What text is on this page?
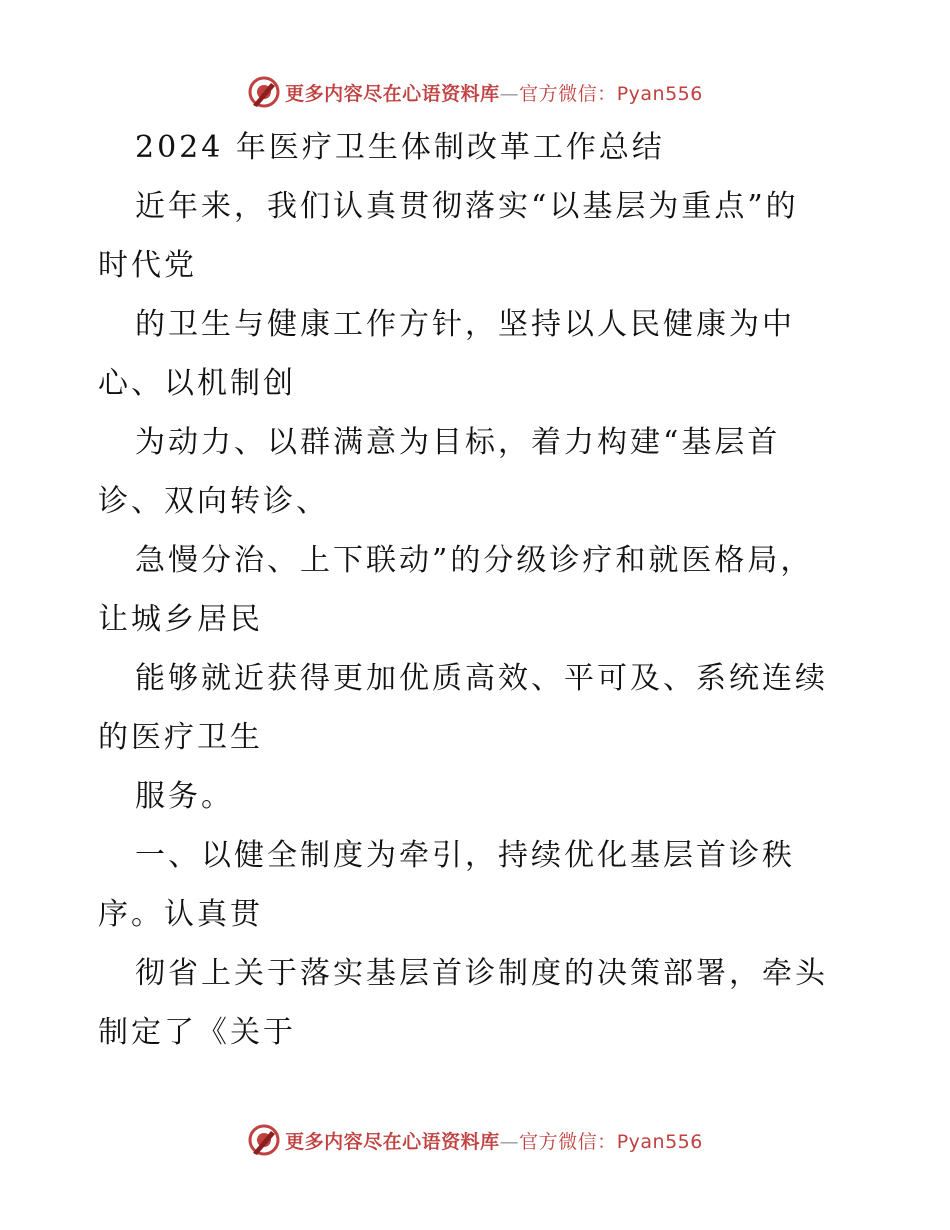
更多内容尽在心语资料库—官方微信：Pyan556
2024 年医疗卫生体制改革工作总结
近年来，我们认真贯彻落实“以基层为重点”的
时代党
的卫生与健康工作方针，坚持以人民健康为中
心、以机制创
为动力、以群满意为目标，着力构建“基层首
诊、双向转诊、
急慢分治、上下联动”的分级诊疗和就医格局，
让城乡居民
能够就近获得更加优质高效、平可及、系统连续
的医疗卫生
服务。
一、以健全制度为牵引，持续优化基层首诊秩
序。认真贯
彻省上关于落实基层首诊制度的决策部署，牵头
制定了《关于
更多内容尽在心语资料库—官方微信：Pyan556
